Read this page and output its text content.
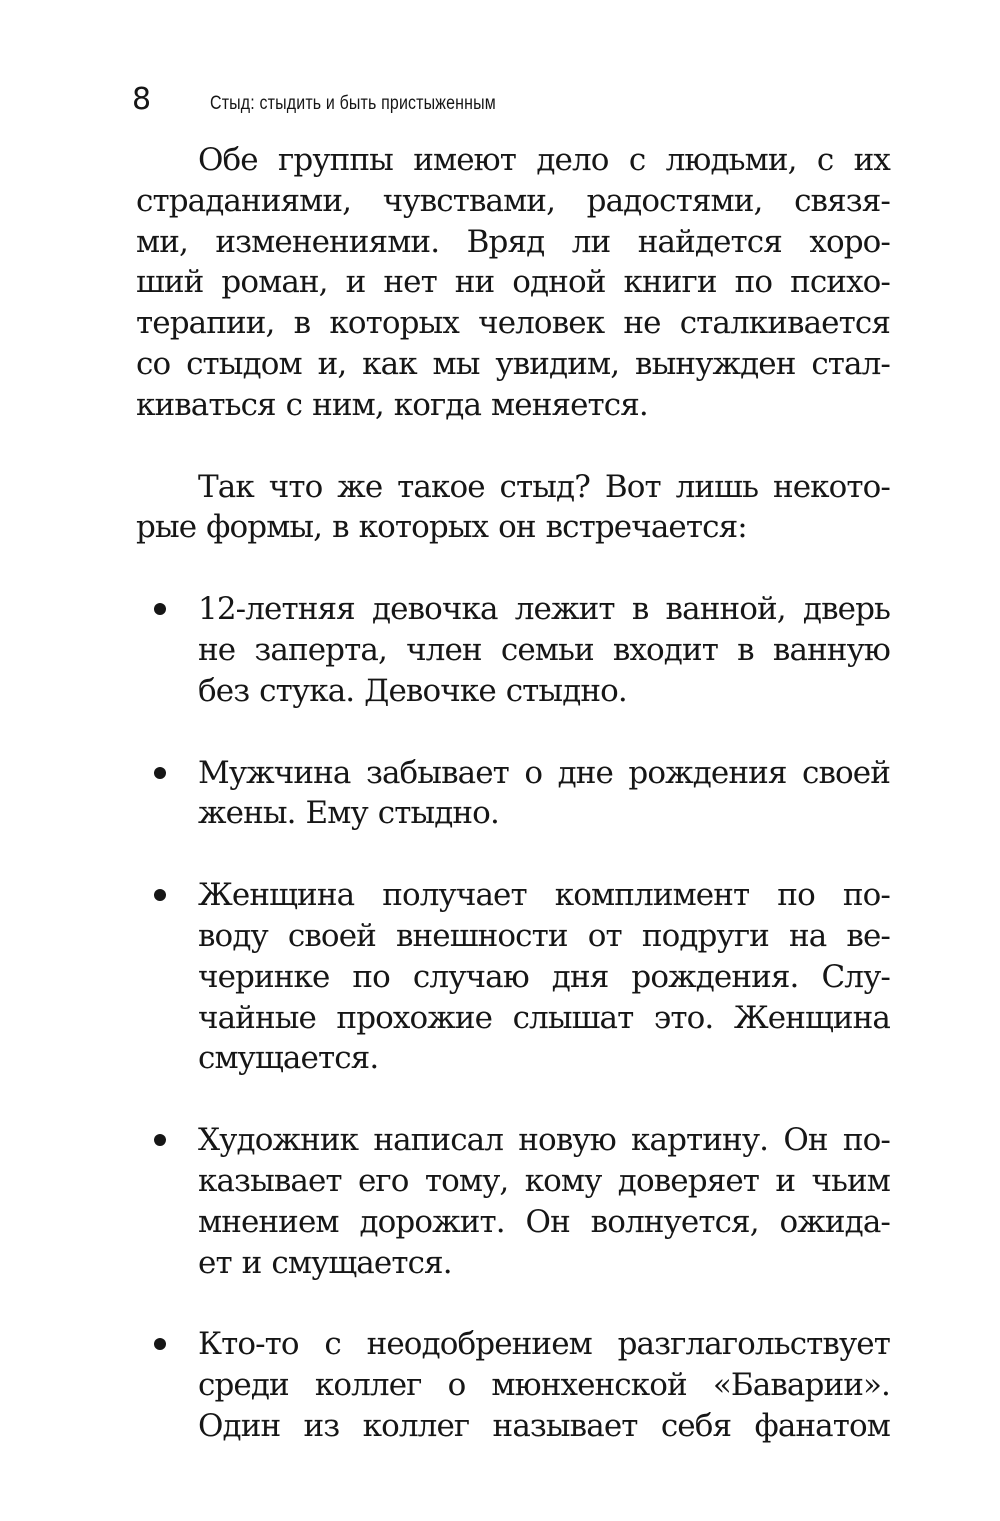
8	Стыд: стыдить и быть пристыженным
Обе группы имеют дело с людьми, с их
страданиями, чувствами, радостями, связя-
ми, изменениями. Вряд ли найдется хоро-
ший роман, и нет ни одной книги по психо-
терапии, в которых человек не сталкивается
со стыдом и, как мы увидим, вынужден стал-
киваться с ним, когда меняется.
Так что же такое стыд? Вот лишь некото-
рые формы, в которых он встречается:
12-летняя девочка лежит в ванной, дверь
не заперта, член семьи входит в ванную
без стука. Девочке стыдно.
Мужчина забывает о дне рождения своей
жены. Ему стыдно.
Женщина получает комплимент по по-
воду своей внешности от подруги на ве-
черинке по случаю дня рождения. Слу-
чайные прохожие слышат это. Женщина
смущается.
Художник написал новую картину. Он по-
казывает его тому, кому доверяет и чьим
мнением дорожит. Он волнуется, ожида-
ет и смущается.
Кто-то с неодобрением разглагольствует
среди коллег о мюнхенской «Баварии».
Один из коллег называет себя фанатом
